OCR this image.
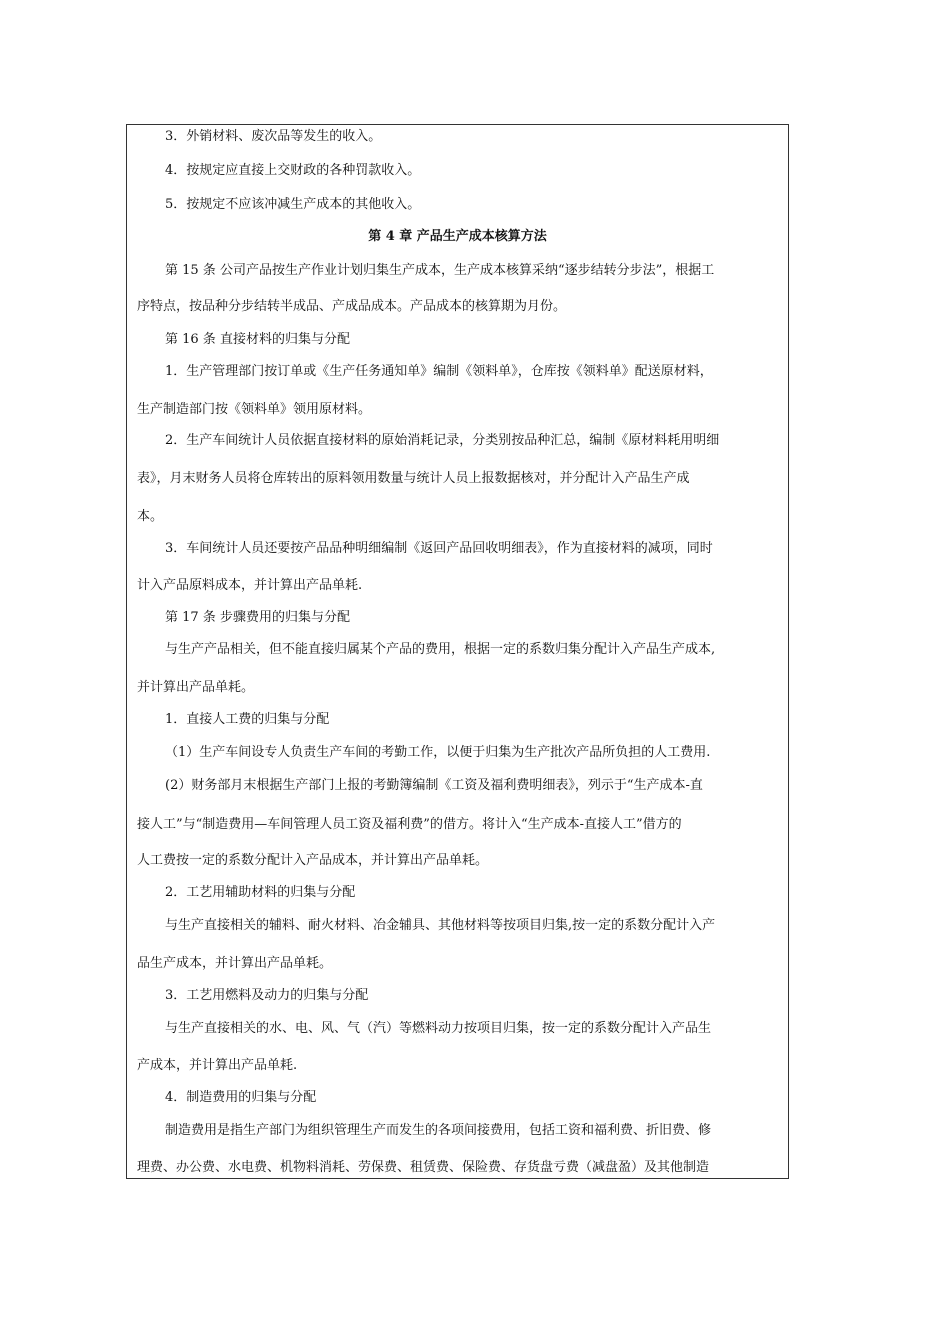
3．外销材料、废次品等发生的收入。
4．按规定应直接上交财政的各种罚款收入。
5．按规定不应该冲减生产成本的其他收入。
第 4 章 产品生产成本核算方法
第 15 条 公司产品按生产作业计划归集生产成本，生产成本核算采纳“逐步结转分步法”，根据工
序特点，按品种分步结转半成品、产成品成本。产品成本的核算期为月份。
第 16 条 直接材料的归集与分配
1．生产管理部门按订单或《生产任务通知单》编制《领料单》，仓库按《领料单》配送原材料，
生产制造部门按《领料单》领用原材料。
2．生产车间统计人员依据直接材料的原始消耗记录，分类别按品种汇总，编制《原材料耗用明细
表》，月末财务人员将仓库转出的原料领用数量与统计人员上报数据核对，并分配计入产品生产成
本。
3．车间统计人员还要按产品品种明细编制《返回产品回收明细表》，作为直接材料的减项，同时
计入产品原料成本，并计算出产品单耗.
第 17 条 步骤费用的归集与分配
与生产产品相关，但不能直接归属某个产品的费用，根据一定的系数归集分配计入产品生产成本,
并计算出产品单耗。
1．直接人工费的归集与分配
（1）生产车间设专人负责生产车间的考勤工作，以便于归集为生产批次产品所负担的人工费用.
(2）财务部月末根据生产部门上报的考勤簿编制《工资及福利费明细表》，列示于“生产成本-直
接人工”与“制造费用—车间管理人员工资及福利费”的借方。将计入“生产成本-直接人工”借方的
人工费按一定的系数分配计入产品成本，并计算出产品单耗。
2．工艺用辅助材料的归集与分配
与生产直接相关的辅料、耐火材料、冶金辅具、其他材料等按项目归集,按一定的系数分配计入产
品生产成本，并计算出产品单耗。
3．工艺用燃料及动力的归集与分配
与生产直接相关的水、电、风、气（汽）等燃料动力按项目归集，按一定的系数分配计入产品生
产成本，并计算出产品单耗.
4．制造费用的归集与分配
制造费用是指生产部门为组织管理生产而发生的各项间接费用，包括工资和福利费、折旧费、修
理费、办公费、水电费、机物料消耗、劳保费、租赁费、保险费、存货盘亏费（减盘盈）及其他制造
